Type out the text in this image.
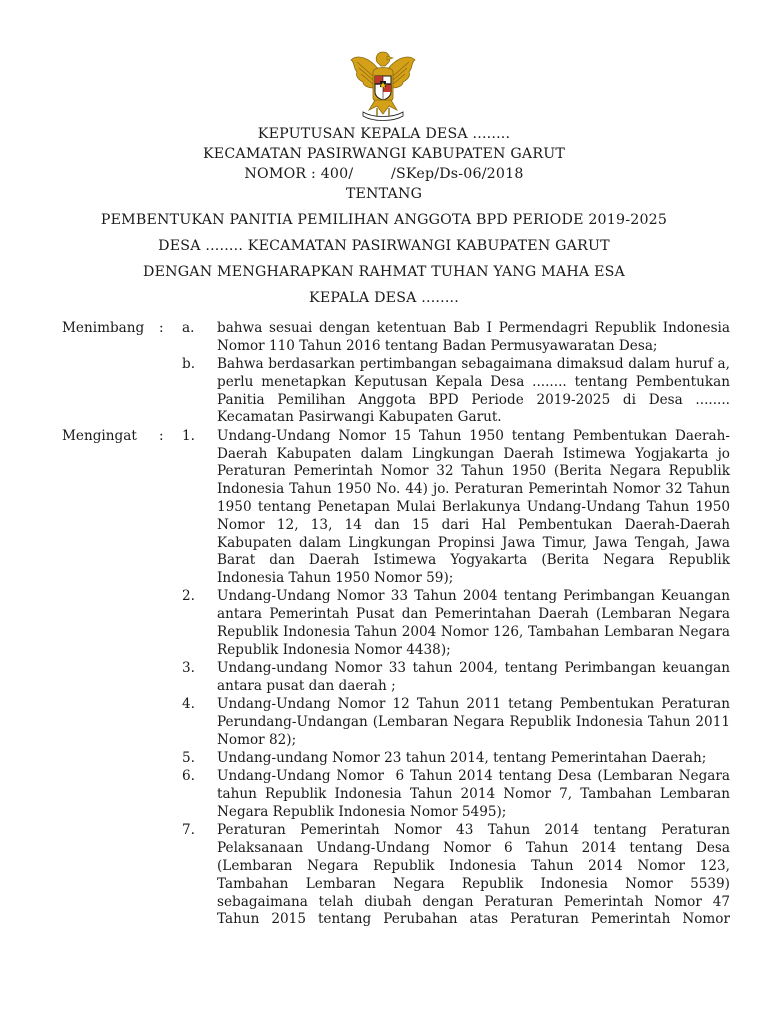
KEPUTUSAN KEPALA DESA ........
KECAMATAN PASIRWANGI KABUPATEN GARUT
NOMOR : 400/        /SKep/Ds-06/2018
TENTANG
PEMBENTUKAN PANITIA PEMILIHAN ANGGOTA BPD PERIODE 2019-2025
DESA ........ KECAMATAN PASIRWANGI KABUPATEN GARUT
DENGAN MENGHARAPKAN RAHMAT TUHAN YANG MAHA ESA
KEPALA DESA ........
Menimbang	: a. bahwa sesuai dengan ketentuan Bab I Permendagri Republik Indonesia Nomor 110 Tahun 2016 tentang Badan Permusyawaratan Desa;
b. Bahwa berdasarkan pertimbangan sebagaimana dimaksud dalam huruf a, perlu menetapkan Keputusan Kepala Desa ........ tentang Pembentukan Panitia Pemilihan Anggota BPD Periode 2019-2025 di Desa ........ Kecamatan Pasirwangi Kabupaten Garut.
Mengingat	: 1. Undang-Undang Nomor 15 Tahun 1950 tentang Pembentukan Daerah-Daerah Kabupaten dalam Lingkungan Daerah Istimewa Yogjakarta jo Peraturan Pemerintah Nomor 32 Tahun 1950 (Berita Negara Republik Indonesia Tahun 1950 No. 44) jo. Peraturan Pemerintah Nomor 32 Tahun 1950 tentang Penetapan Mulai Berlakunya Undang-Undang Tahun 1950 Nomor 12, 13, 14 dan 15 dari Hal Pembentukan Daerah-Daerah Kabupaten dalam Lingkungan Propinsi Jawa Timur, Jawa Tengah, Jawa Barat dan Daerah Istimewa Yogyakarta (Berita Negara Republik Indonesia Tahun 1950 Nomor 59);
2. Undang-Undang Nomor 33 Tahun 2004 tentang Perimbangan Keuangan antara Pemerintah Pusat dan Pemerintahan Daerah (Lembaran Negara Republik Indonesia Tahun 2004 Nomor 126, Tambahan Lembaran Negara Republik Indonesia Nomor 4438);
3. Undang-undang Nomor 33 tahun 2004, tentang Perimbangan keuangan antara pusat dan daerah ;
4. Undang-Undang Nomor 12 Tahun 2011 tetang Pembentukan Peraturan Perundang-Undangan (Lembaran Negara Republik Indonesia Tahun 2011 Nomor 82);
5. Undang-undang Nomor 23 tahun 2014, tentang Pemerintahan Daerah;
6. Undang-Undang Nomor  6 Tahun 2014 tentang Desa (Lembaran Negara tahun Republik Indonesia Tahun 2014 Nomor 7, Tambahan Lembaran Negara Republik Indonesia Nomor 5495);
7. Peraturan Pemerintah Nomor 43 Tahun 2014 tentang Peraturan Pelaksanaan Undang-Undang Nomor 6 Tahun 2014 tentang Desa (Lembaran Negara Republik Indonesia Tahun 2014 Nomor 123, Tambahan Lembaran Negara Republik Indonesia Nomor 5539) sebagaimana telah diubah dengan Peraturan Pemerintah Nomor 47 Tahun 2015 tentang Perubahan atas Peraturan Pemerintah Nomor
